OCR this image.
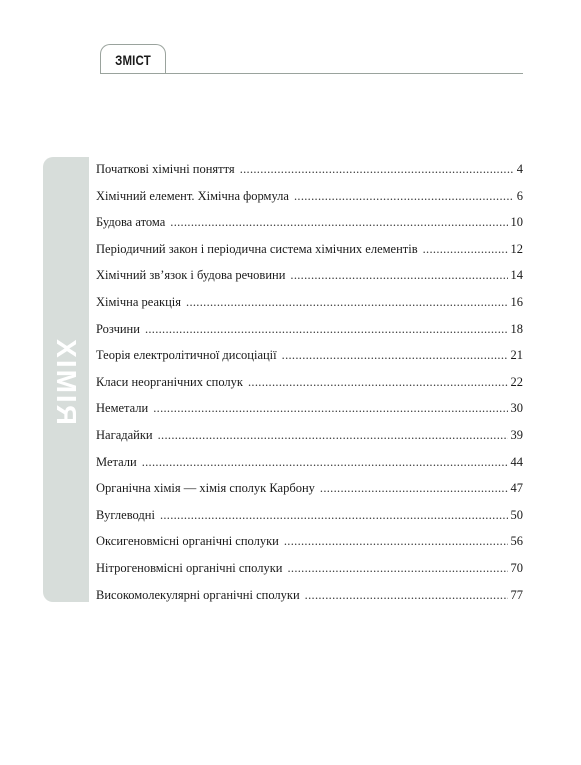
ЗМІСТ
ХІМІЯ
Початкові хімічні поняття .....	4
Хімічний елемент. Хімічна формула .....	6
Будова атома .....	10
Періодичний закон і періодична система хімічних елементів .....	12
Хімічний зв’язок і будова речовини .....	14
Хімічна реакція .....	16
Розчини .....	18
Теорія електролітичної дисоціації .....	21
Класи неорганічних сполук .....	22
Неметали .....	30
Нагадайки .....	39
Метали .....	44
Органічна хімія — хімія сполук Карбону .....	47
Вуглеводні .....	50
Оксигеновмісні органічні сполуки .....	56
Нітрогеновмісні органічні сполуки .....	70
Високомолекулярні органічні сполуки .....	77
